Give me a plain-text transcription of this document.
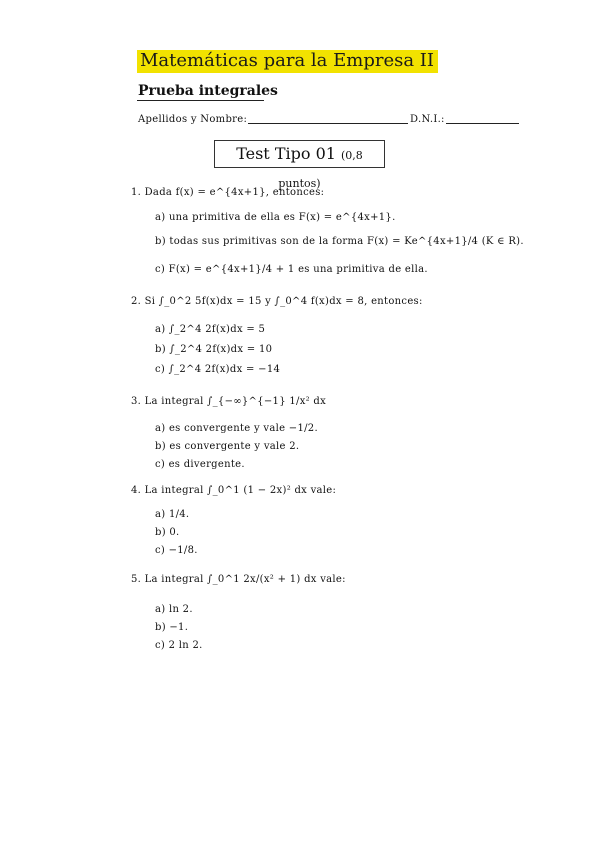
Matemáticas para la Empresa II
Prueba integrales
Apellidos y Nombre:	D.N.I.:
Test Tipo 01 (0,8 puntos)
1. Dada f(x) = e^{4x+1}, entonces:
a) una primitiva de ella es F(x) = e^{4x+1}.
b) todas sus primitivas son de la forma F(x) = Ke^{4x+1}/4 (K ∈ R).
c) F(x) = e^{4x+1}/4 + 1 es una primitiva de ella.
2. Si ∫_0^2 5f(x)dx = 15 y ∫_0^4 f(x)dx = 8, entonces:
a) ∫_2^4 2f(x)dx = 5
b) ∫_2^4 2f(x)dx = 10
c) ∫_2^4 2f(x)dx = −14
3. La integral ∫_{−∞}^{−1} 1/x² dx
a) es convergente y vale −1/2.
b) es convergente y vale 2.
c) es divergente.
4. La integral ∫_0^1 (1 − 2x)² dx vale:
a) 1/4.
b) 0.
c) −1/8.
5. La integral ∫_0^1 2x/(x² + 1) dx vale:
a) ln 2.
b) −1.
c) 2 ln 2.
